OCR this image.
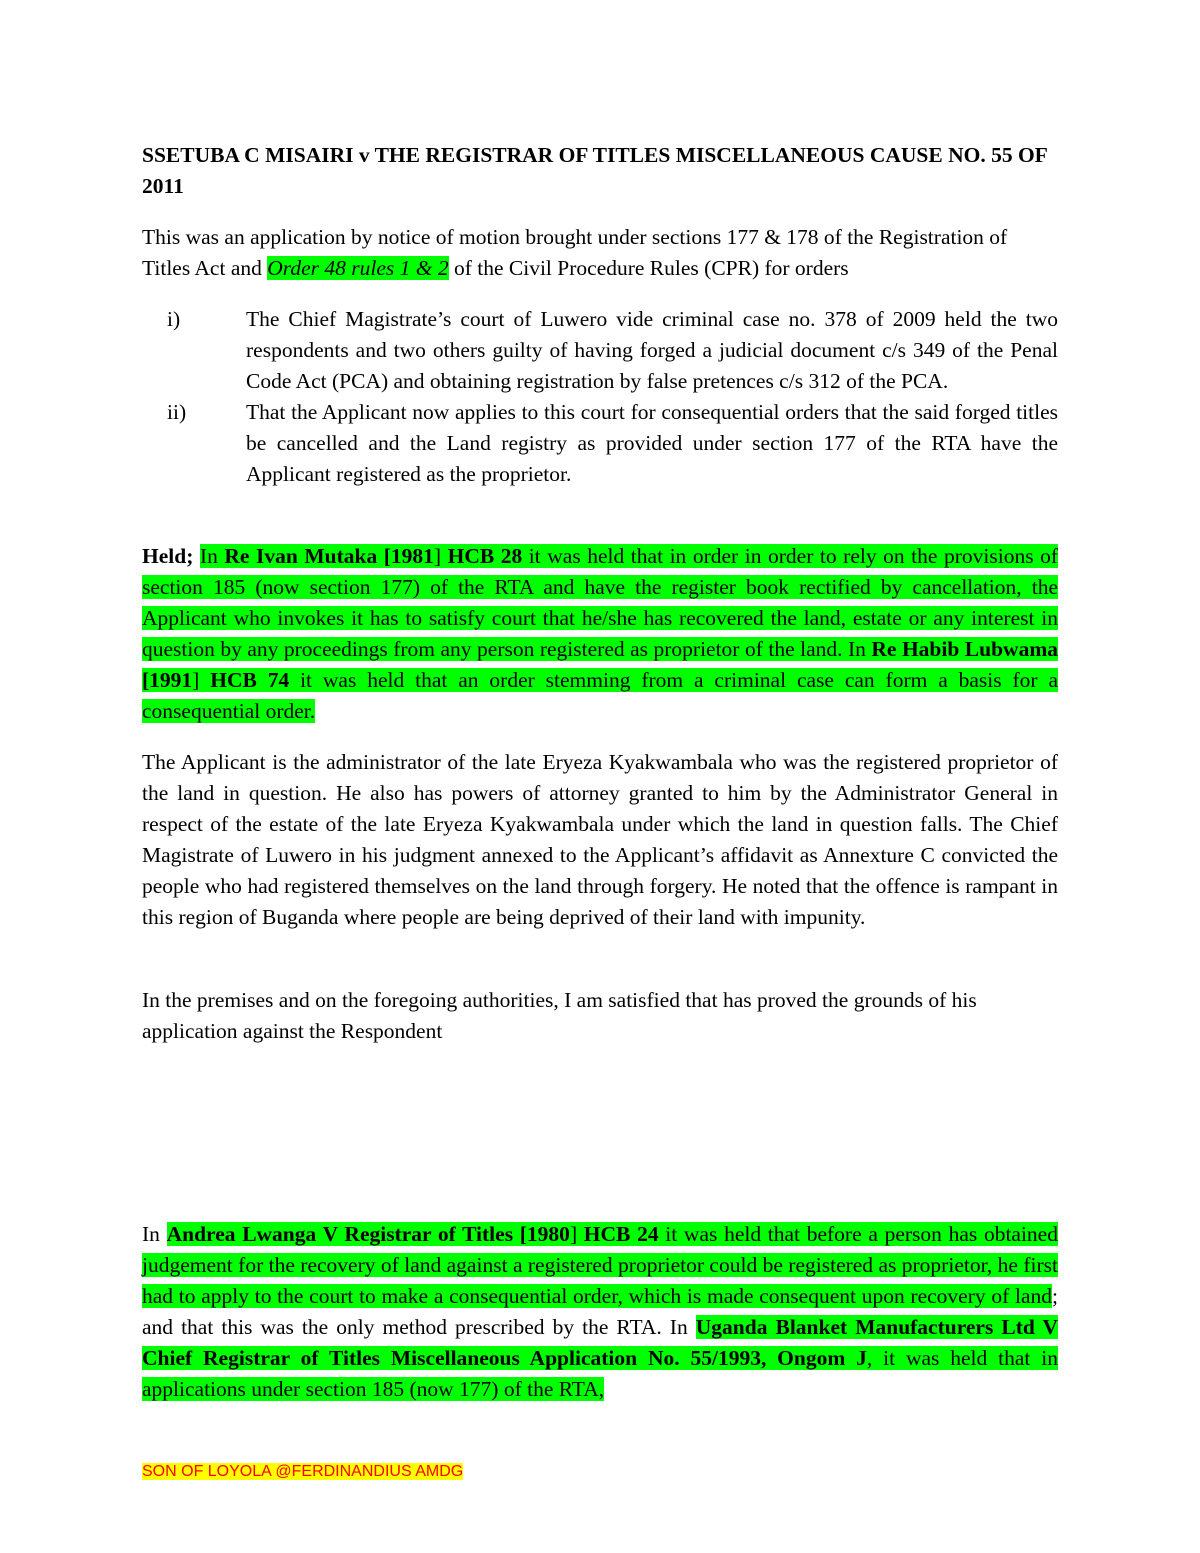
SSETUBA C MISAIRI v THE REGISTRAR OF TITLES MISCELLANEOUS CAUSE NO. 55 OF 2011
This was an application by notice of motion brought under sections 177 & 178 of the Registration of Titles Act and Order 48 rules 1 & 2 of the Civil Procedure Rules (CPR) for orders
i)	The Chief Magistrate’s court of Luwero vide criminal case no. 378 of 2009 held the two respondents and two others guilty of having forged a judicial document c/s 349 of the Penal Code Act (PCA) and obtaining registration by false pretences c/s 312 of the PCA.
ii)	That the Applicant now applies to this court for consequential orders that the said forged titles be cancelled and the Land registry as provided under section 177 of the RTA have the Applicant registered as the proprietor.
Held; In Re Ivan Mutaka [1981] HCB 28 it was held that in order in order to rely on the provisions of section 185 (now section 177) of the RTA and have the register book rectified by cancellation, the Applicant who invokes it has to satisfy court that he/she has recovered the land, estate or any interest in question by any proceedings from any person registered as proprietor of the land. In Re Habib Lubwama [1991] HCB 74 it was held that an order stemming from a criminal case can form a basis for a consequential order.
The Applicant is the administrator of the late Eryeza Kyakwambala who was the registered proprietor of the land in question. He also has powers of attorney granted to him by the Administrator General in respect of the estate of the late Eryeza Kyakwambala under which the land in question falls. The Chief Magistrate of Luwero in his judgment annexed to the Applicant’s affidavit as Annexture C convicted the people who had registered themselves on the land through forgery. He noted that the offence is rampant in this region of Buganda where people are being deprived of their land with impunity.
In the premises and on the foregoing authorities, I am satisfied that has proved the grounds of his application against the Respondent
In Andrea Lwanga V Registrar of Titles [1980] HCB 24 it was held that before a person has obtained judgement for the recovery of land against a registered proprietor could be registered as proprietor, he first had to apply to the court to make a consequential order, which is made consequent upon recovery of land; and that this was the only method prescribed by the RTA. In Uganda Blanket Manufacturers Ltd V Chief Registrar of Titles Miscellaneous Application No. 55/1993, Ongom J, it was held that in applications under section 185 (now 177) of the RTA,
SON OF LOYOLA @FERDINANDIUS AMDG
